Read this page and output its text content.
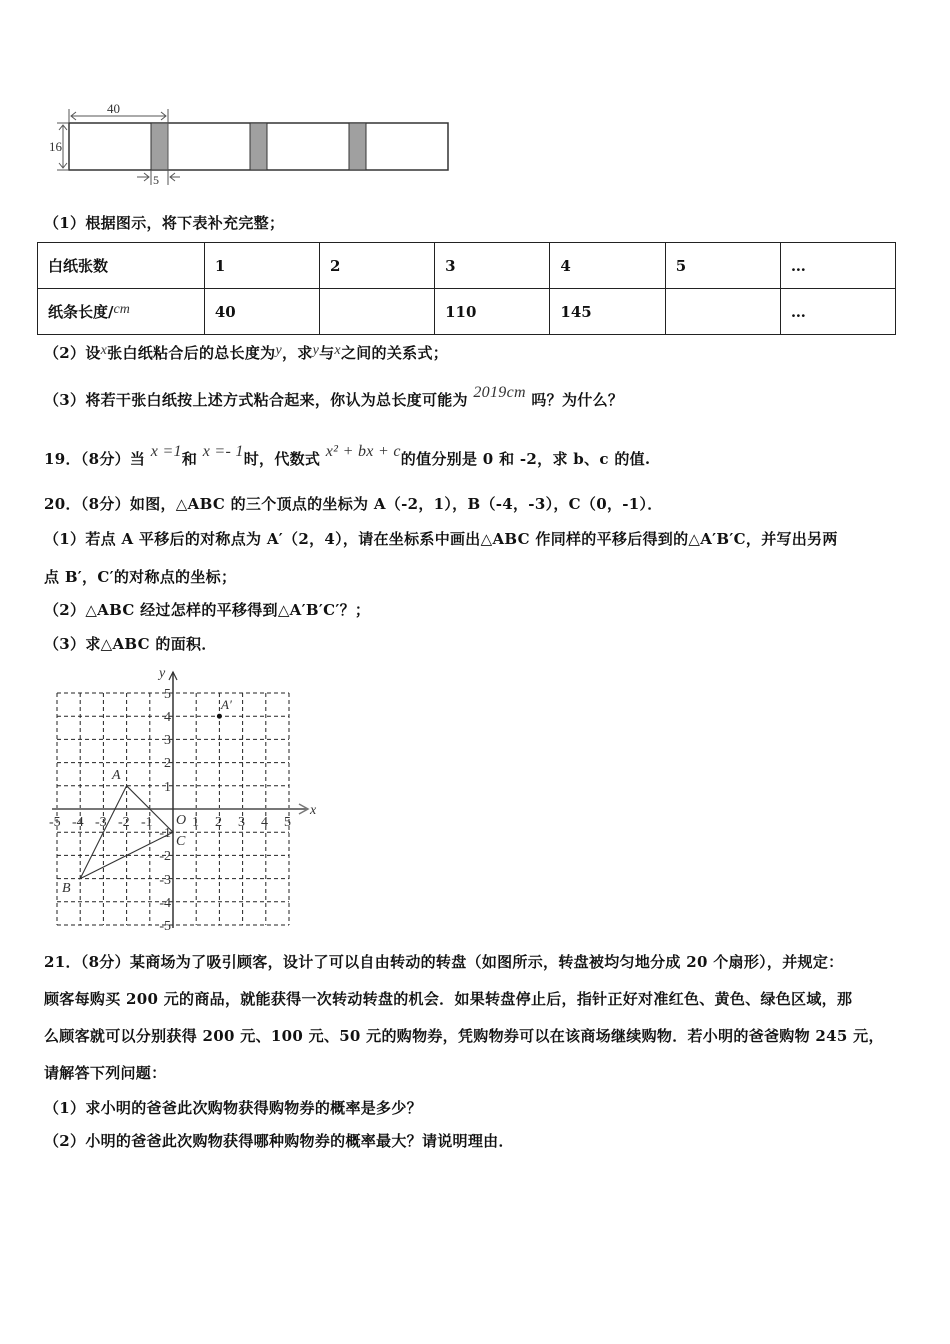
40
16
5
（1）根据图示，将下表补充完整；
白纸张数	1	2	3	4	5	…
纸条长度/cm	40		110	145		…
（2）设x张白纸粘合后的总长度为y，求y与x之间的关系式；
（3）将若干张白纸按上述方式粘合起来，你认为总长度可能为 2019cm 吗？为什么？
19．（8分）当 x =1和 x =- 1时，代数式 x² + bx + c的值分别是 0 和 -2，求 b、c 的值.
20．（8分）如图，△ABC 的三个顶点的坐标为 A（-2，1），B（-4，-3），C（0，-1）．
（1）若点 A 平移后的对称点为 A′（2，4），请在坐标系中画出△ABC 作同样的平移后得到的△A′B′C，并写出另两
点 B′，C′的对称点的坐标；
（2）△ABC 经过怎样的平移得到△A′B′C′？；
（3）求△ABC 的面积．
x
y
O
-5 -4 -3 -2 -1	1 2 3 4 5
5
4
3
2
1
-1
-2
-3
-4
-5
A
B
C
A′
21．（8分）某商场为了吸引顾客，设计了可以自由转动的转盘（如图所示，转盘被均匀地分成 20 个扇形），并规定：
顾客每购买 200 元的商品，就能获得一次转动转盘的机会．如果转盘停止后，指针正好对准红色、黄色、绿色区域，那
么顾客就可以分别获得 200 元、100 元、50 元的购物券，凭购物券可以在该商场继续购物．若小明的爸爸购物 245 元，
请解答下列问题：
（1）求小明的爸爸此次购物获得购物券的概率是多少？
（2）小明的爸爸此次购物获得哪种购物券的概率最大？请说明理由．
